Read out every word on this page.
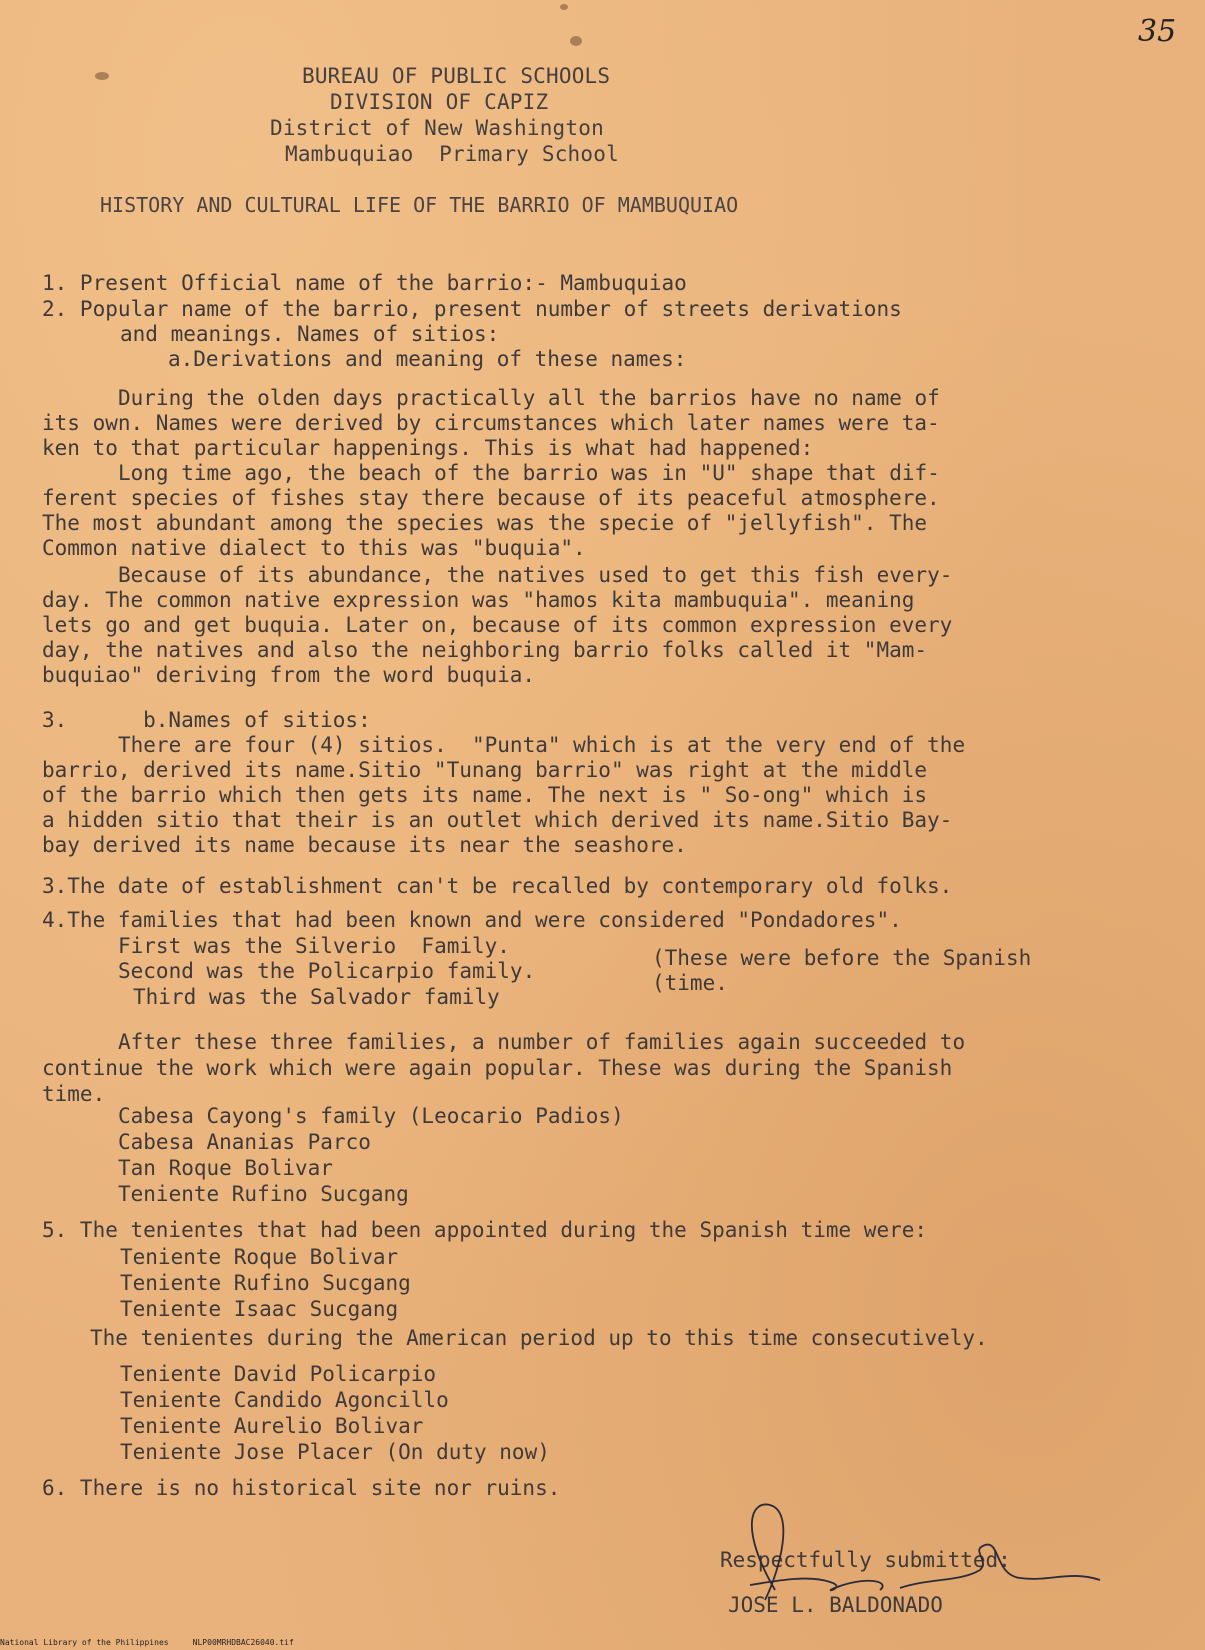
35
BUREAU OF PUBLIC SCHOOLS
DIVISION OF CAPIZ
District of New Washington
Mambuquiao  Primary School
HISTORY AND CULTURAL LIFE OF THE BARRIO OF MAMBUQUIAO
1. Present Official name of the barrio:- Mambuquiao
2. Popular name of the barrio, present number of streets derivations
and meanings. Names of sitios:
a.Derivations and meaning of these names:
During the olden days practically all the barrios have no name of
its own. Names were derived by circumstances which later names were ta-
ken to that particular happenings. This is what had happened:
Long time ago, the beach of the barrio was in "U" shape that dif-
ferent species of fishes stay there because of its peaceful atmosphere.
The most abundant among the species was the specie of "jellyfish". The
Common native dialect to this was "buquia".
Because of its abundance, the natives used to get this fish every-
day. The common native expression was "hamos kita mambuquia". meaning
lets go and get buquia. Later on, because of its common expression every
day, the natives and also the neighboring barrio folks called it "Mam-
buquiao" deriving from the word buquia.
3.      b.Names of sitios:
There are four (4) sitios.  "Punta" which is at the very end of the
barrio, derived its name.Sitio "Tunang barrio" was right at the middle
of the barrio which then gets its name. The next is " So-ong" which is
a hidden sitio that their is an outlet which derived its name.Sitio Bay-
bay derived its name because its near the seashore.
3.The date of establishment can't be recalled by contemporary old folks.
4.The families that had been known and were considered "Pondadores".
First was the Silverio  Family.
Second was the Policarpio family.
Third was the Salvador family
(These were before the Spanish
(time.
After these three families, a number of families again succeeded to
continue the work which were again popular. These was during the Spanish
time.
Cabesa Cayong's family (Leocario Padios)
Cabesa Ananias Parco
Tan Roque Bolivar
Teniente Rufino Sucgang
5. The tenientes that had been appointed during the Spanish time were:
Teniente Roque Bolivar
Teniente Rufino Sucgang
Teniente Isaac Sucgang
The tenientes during the American period up to this time consecutively.
Teniente David Policarpio
Teniente Candido Agoncillo
Teniente Aurelio Bolivar
Teniente Jose Placer (On duty now)
6. There is no historical site nor ruins.
Respectfully submitted:
JOSE L. BALDONADO
National Library of the Philippines	NLP00MRHDBAC26040.tif
